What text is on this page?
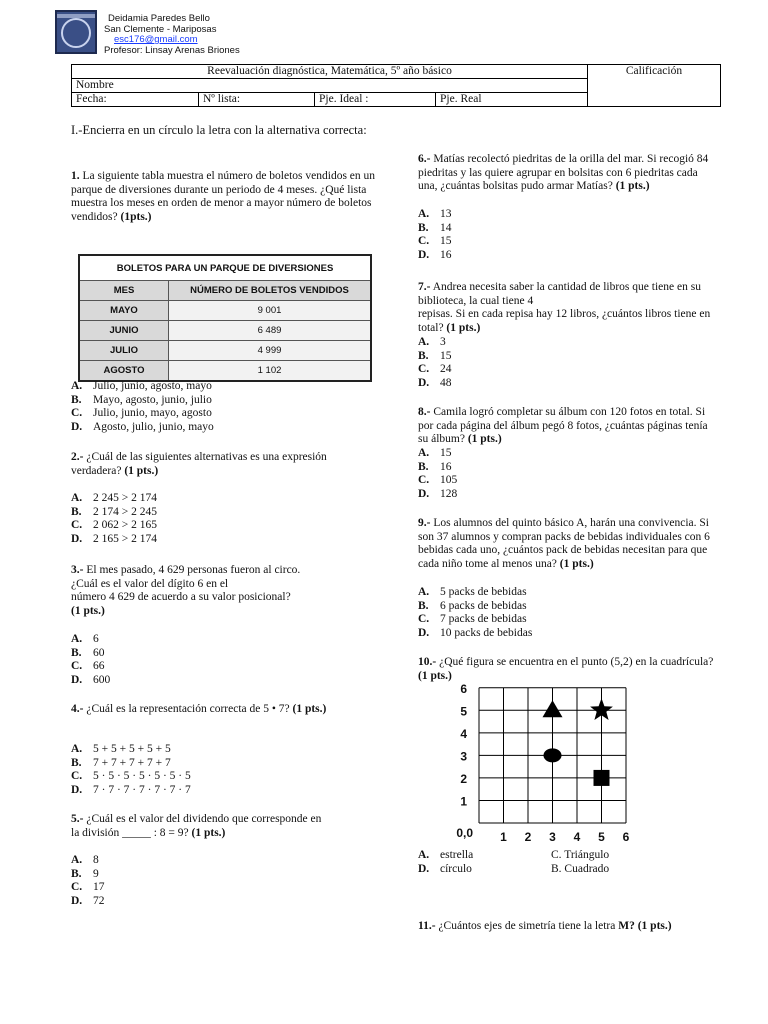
Deidamia Paredes Bello
San Clemente - Mariposas
esc176@gmail.com
Profesor: Linsay Arenas Briones
Reevaluación diagnóstica, Matemática, 5º año básico				Calificación
Nombre				
Fecha:	Nº lista:	Pje. Ideal :	Pje. Real	
I.-Encierra en un círculo la letra con la alternativa correcta:
1. La siguiente tabla muestra el número de boletos vendidos en un parque de diversiones durante un periodo de 4 meses. ¿Qué lista muestra los meses en orden de menor a mayor número de boletos vendidos? (1pts.)
BOLETOS PARA UN PARQUE DE DIVERSIONES	
MES	NÚMERO DE BOLETOS VENDIDOS
MAYO	9 001
JUNIO	6 489
JULIO	4 999
AGOSTO	1 102
A. Julio, junio, agosto, mayo
B. Mayo, agosto, junio, julio
C. Julio, junio, mayo, agosto
D. Agosto, julio, junio, mayo
2.- ¿Cuál de las siguientes alternativas es una expresión verdadera? (1 pts.)
A. 2 245 > 2 174
B. 2 174 > 2 245
C. 2 062 > 2 165
D. 2 165 > 2 174
3.- El mes pasado, 4 629 personas fueron al circo.
¿Cuál es el valor del dígito 6 en el
número 4 629 de acuerdo a su valor posicional?
(1 pts.)
A. 6
B. 60
C. 66
D. 600
4.- ¿Cuál es la representación correcta de 5 • 7? (1 pts.)
A. 5 + 5 + 5 + 5 + 5
B. 7 + 7 + 7 + 7 + 7
C. 5 · 5 · 5 · 5 · 5 · 5 · 5
D. 7 · 7 · 7 · 7 · 7 · 7 · 7
5.- ¿Cuál es el valor del dividendo que corresponde en
la división _____ : 8 = 9? (1 pts.)
A. 8
B. 9
C. 17
D. 72
6.- Matías recolectó piedritas de la orilla del mar. Si recogió 84 piedritas y las quiere agrupar en bolsitas con 6 piedritas cada una, ¿cuántas bolsitas pudo armar Matías? (1 pts.)
A. 13
B. 14
C. 15
D. 16
7.- Andrea necesita saber la cantidad de libros que tiene en su biblioteca, la cual tiene 4
repisas. Si en cada repisa hay 12 libros, ¿cuántos libros tiene en total? (1 pts.)
A. 3
B. 15
C. 24
D. 48
8.- Camila logró completar su álbum con 120 fotos en total. Si por cada página del álbum pegó 8 fotos, ¿cuántas páginas tenía su álbum? (1 pts.)
A. 15
B. 16
C. 105
D. 128
9.- Los alumnos del quinto básico A, harán una convivencia. Si son 37 alumnos y compran packs de bebidas individuales con 6 bebidas cada uno, ¿cuántos pack de bebidas necesitan para que cada niño tome al menos una? (1 pts.)
A. 5 packs de bebidas
B. 6 packs de bebidas
C. 7 packs de bebidas
D. 10 packs de bebidas
10.- ¿Qué figura se encuentra en el punto (5,2) en la cuadrícula? (1 pts.)
0,0 1 2 3 4 5 6
1
2
3
4
5
6
A. estrella	C. Triángulo
D. círculo	B. Cuadrado
11.- ¿Cuántos ejes de simetría tiene la letra M? (1 pts.)
